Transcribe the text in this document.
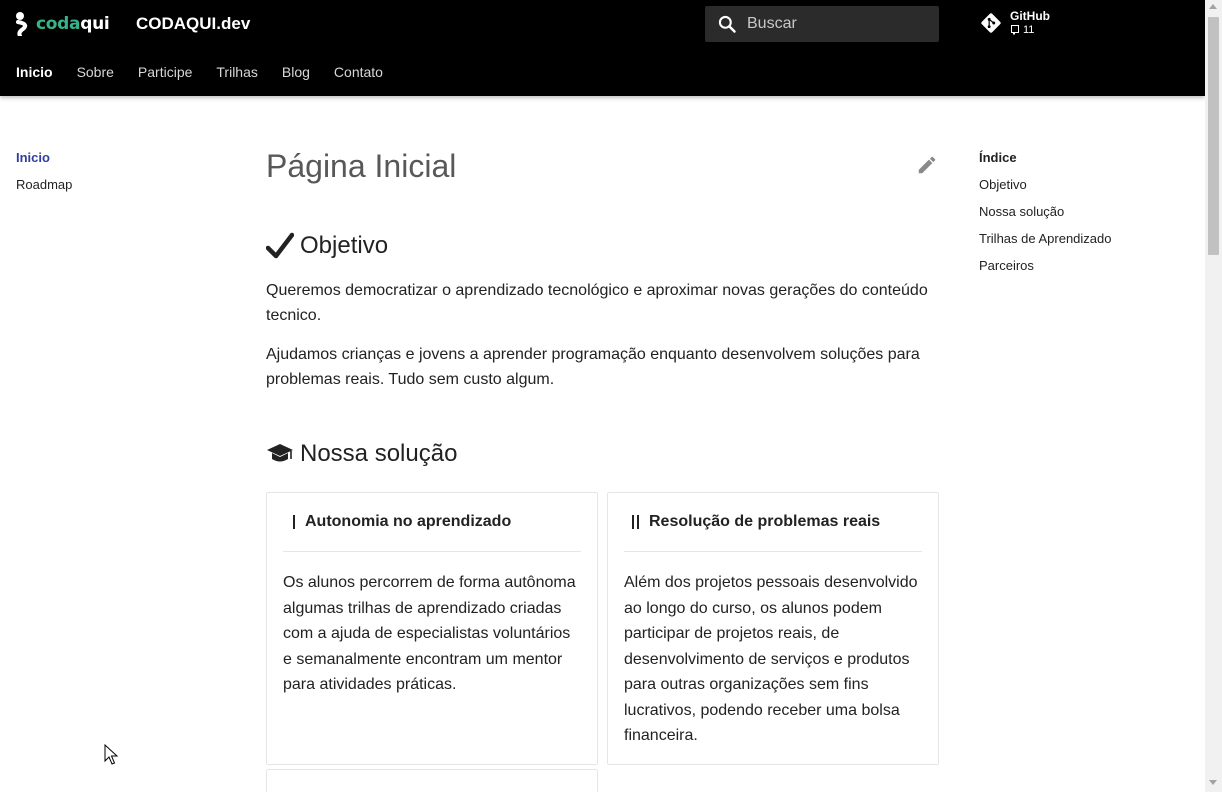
codaqui CODAQUI.dev
Buscar	GitHub
11
Inicio Sobre Participe Trilhas Blog Contato
Inicio
Roadmap
Índice
Objetivo
Nossa solução
Trilhas de Aprendizado
Parceiros
Página Inicial
Objetivo

Queremos democratizar o aprendizado tecnológico e aproximar novas gerações do conteúdo tecnico.

Ajudamos crianças e jovens a aprender programação enquanto desenvolvem soluções para problemas reais. Tudo sem custo algum.

Nossa solução
Autonomia no aprendizado
Os alunos percorrem de forma autônoma algumas trilhas de aprendizado criadas com a ajuda de especialistas voluntários e semanalmente encontram um mentor para atividades práticas.
Resolução de problemas reais
Além dos projetos pessoais desenvolvido ao longo do curso, os alunos podem participar de projetos reais, de desenvolvimento de serviços e produtos para outras organizações sem fins lucrativos, podendo receber uma bolsa financeira.
